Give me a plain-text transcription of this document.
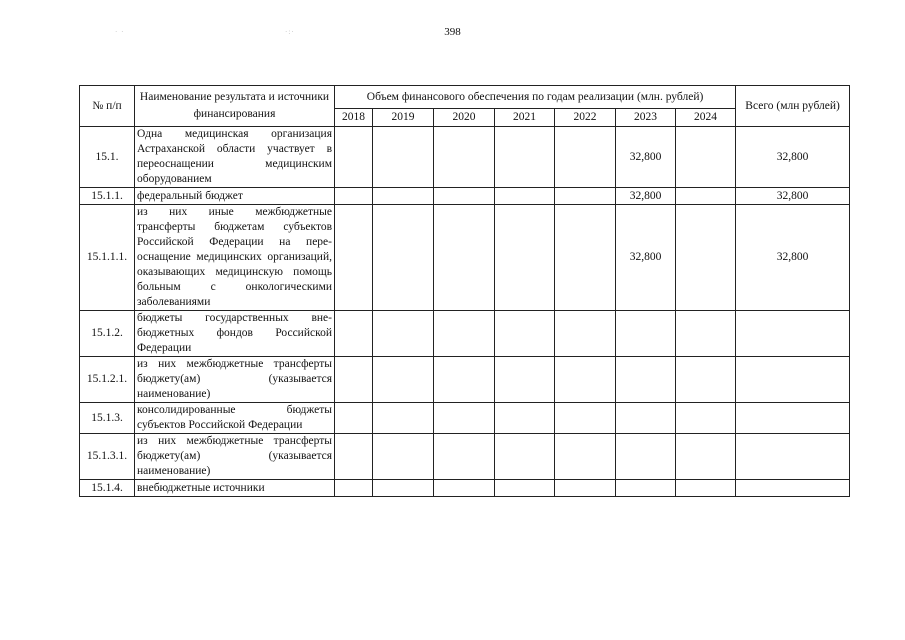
398
· ·	·:·
№ п/п	Наименование результата и источники финансирования	Объем финансового обеспечения по годам реализации (млн. рублей)							Всего (млн рублей)
		2018	2019	2020	2021	2022	2023	2024	
15.1.	Одна медицинская организация Астраханской области участвует в переоснащении медицинским оборудованием						32,800		32,800
15.1.1.	федеральный бюджет						32,800		32,800
15.1.1.1.	из них иные межбюджетные трансферты бюджетам субъектов Российской Федерации на переоснащение медицинских организаций, оказывающих медицинскую помощь больным с онкологическими заболеваниями						32,800		32,800
15.1.2.	бюджеты государственных внебюджетных фондов Российской Федерации								
15.1.2.1.	из них межбюджетные трансферты бюджету(ам) (указывается наименование)								
15.1.3.	консолидированные бюджеты субъектов Российской Федерации								
15.1.3.1.	из них межбюджетные трансферты бюджету(ам) (указывается наименование)								
15.1.4.	внебюджетные источники								
